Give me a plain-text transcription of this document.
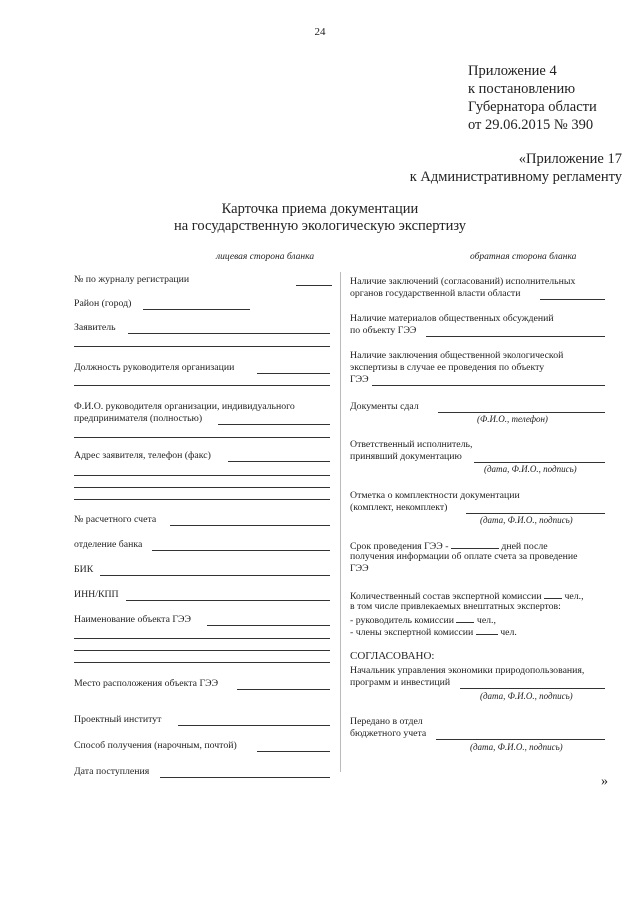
24
Приложение 4
к постановлению
Губернатора области
от 29.06.2015 № 390
«Приложение 17
к Административному регламенту
Карточка приема документации
на государственную экологическую экспертизу
лицевая сторона бланка	обратная сторона бланка
№ по журналу регистрации
Район (город)
Заявитель
Должность руководителя организации
Ф.И.О. руководителя организации, индивидуального
предпринимателя (полностью)
Адрес заявителя, телефон (факс)
№ расчетного счета
отделение банка
БИК
ИНН/КПП
Наименование объекта ГЭЭ
Место расположения объекта ГЭЭ
Проектный институт
Способ получения (нарочным, почтой)
Дата поступления
Наличие заключений (согласований) исполнительных
органов государственной власти области
Наличие материалов общественных обсуждений
по объекту ГЭЭ
Наличие заключения общественной экологической
экспертизы в случае ее проведения по объекту
ГЭЭ
Документы сдал
(Ф.И.О., телефон)
Ответственный исполнитель,
принявший документацию
(дата, Ф.И.О., подпись)
Отметка о комплектности документации
(комплект, некомплект)
(дата, Ф.И.О., подпись)
Срок проведения ГЭЭ -	дней после
получения информации об оплате счета за проведение
ГЭЭ
Количественный состав экспертной комиссии чел.,
в том числе привлекаемых внештатных экспертов:
- руководитель комиссии чел.,
- члены экспертной комиссии	чел.
СОГЛАСОВАНО:
Начальник управления экономики природопользования,
программ и инвестиций
(дата, Ф.И.О., подпись)
Передано в отдел
бюджетного учета
(дата, Ф.И.О., подпись)
»
